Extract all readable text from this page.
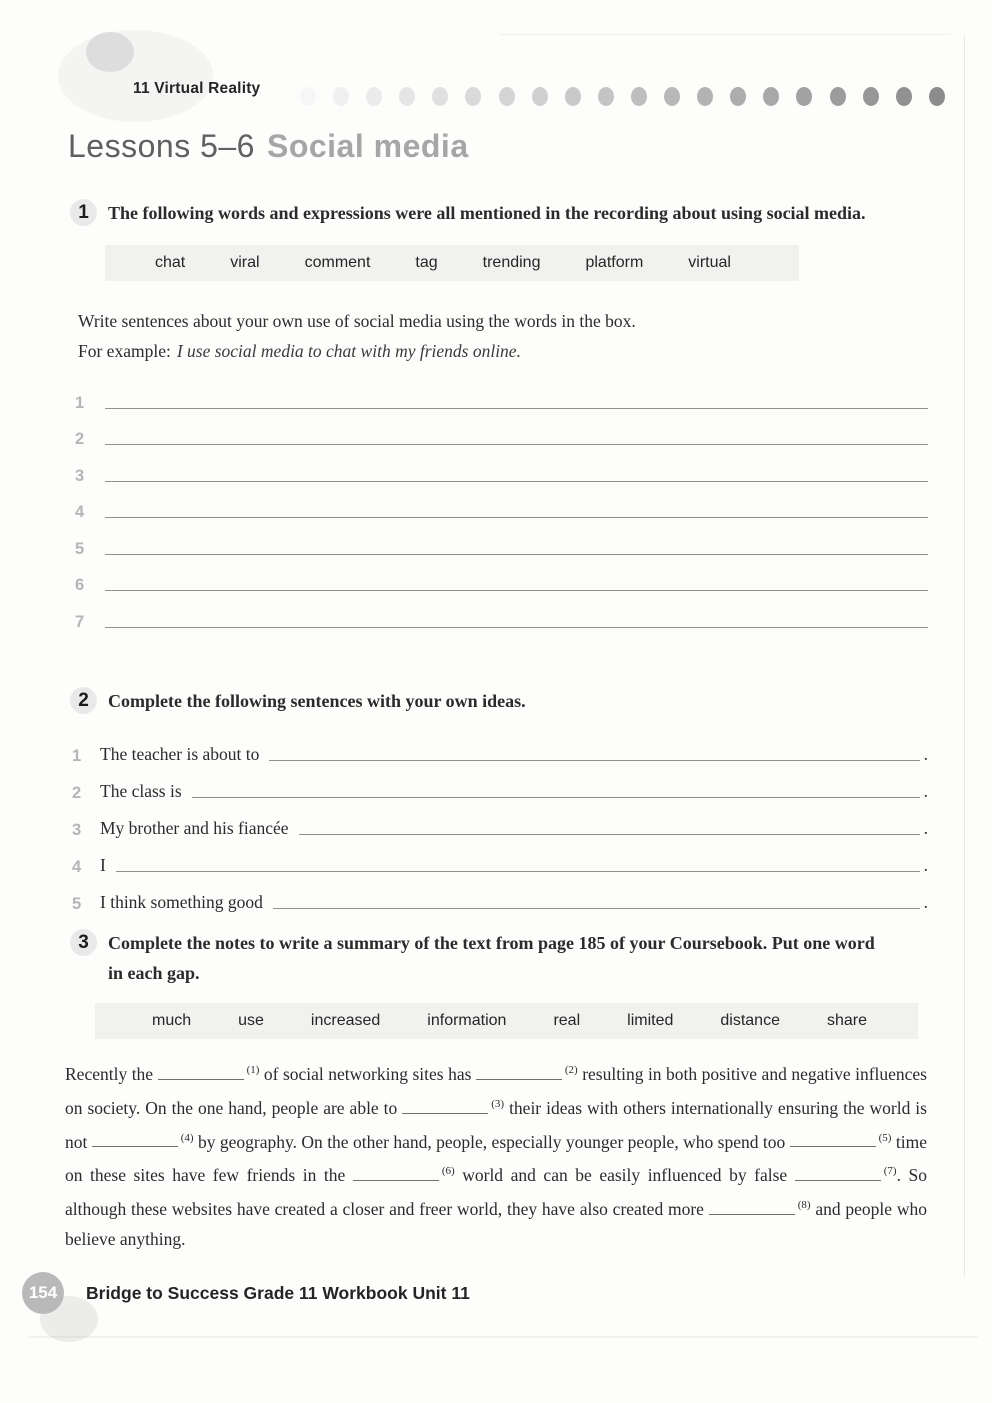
11 Virtual Reality
Lessons 5–6 Social media
1	The following words and expressions were all mentioned in the recording about using social media.

chat	viral	comment	tag	trending	platform	virtual

Write sentences about your own use of social media using the words in the box.

For example: I use social media to chat with my friends online.

1
2
3
4
5
6
7
2	Complete the following sentences with your own ideas.

1	The teacher is about to	.
2	The class is	.
3	My brother and his fiancée	.
4	I	.
5	I think something good	.
3	Complete the notes to write a summary of the text from page 185 of your Coursebook. Put one word in each gap.

much	use	increased	information	real	limited	distance	share

Recently the	$^{(1)}$ of social networking sites has	$^{(2)}$ resulting in both positive and negative influences on society. On the one hand, people are able to	$^{(3)}$ their ideas with others internationally ensuring the world is not	$^{(4)}$ by geography. On the other hand, people, especially younger people, who spend too	$^{(5)}$ time on these sites have few friends in the	$^{(6)}$ world and can be easily influenced by false	$^{(7)}$. So although these websites have created a closer and freer world, they have also created more	$^{(8)}$ and people who believe anything.

154	Bridge to Success Grade 11 Workbook Unit 11
